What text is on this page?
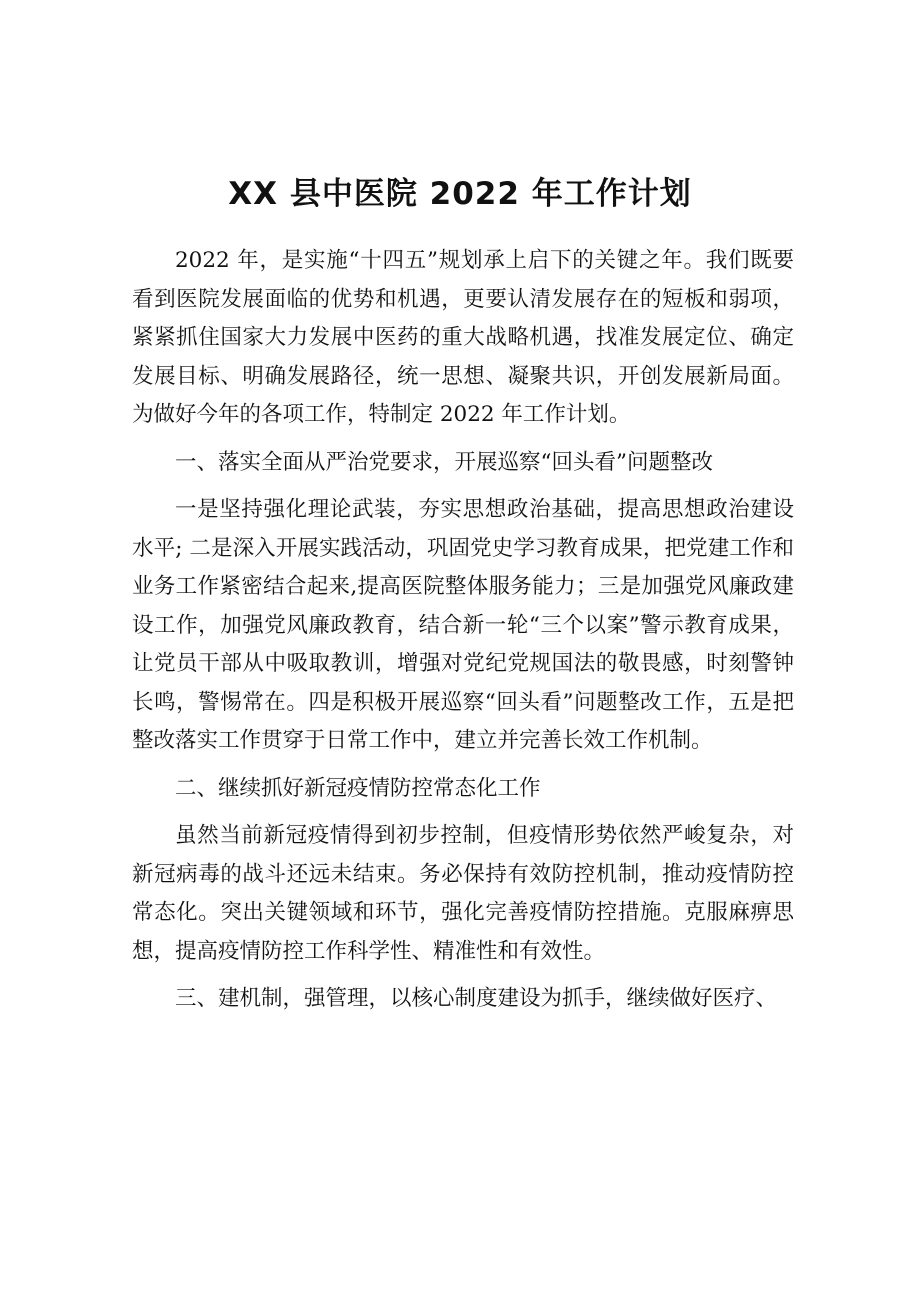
XX 县中医院 2022 年工作计划

2022 年，是实施“十四五”规划承上启下的关键之年。我们既要看到医院发展面临的优势和机遇，更要认清发展存在的短板和弱项，紧紧抓住国家大力发展中医药的重大战略机遇，找准发展定位、确定发展目标、明确发展路径，统一思想、凝聚共识，开创发展新局面。为做好今年的各项工作，特制定 2022 年工作计划。

一、落实全面从严治党要求，开展巡察“回头看”问题整改

一是坚持强化理论武装，夯实思想政治基础，提高思想政治建设水平; 二是深入开展实践活动，巩固党史学习教育成果，把党建工作和业务工作紧密结合起来,提高医院整体服务能力；三是加强党风廉政建设工作，加强党风廉政教育，结合新一轮“三个以案”警示教育成果，让党员干部从中吸取教训，增强对党纪党规国法的敬畏感，时刻警钟长鸣，警惕常在。四是积极开展巡察“回头看”问题整改工作，五是把整改落实工作贯穿于日常工作中，建立并完善长效工作机制。

二、继续抓好新冠疫情防控常态化工作

虽然当前新冠疫情得到初步控制，但疫情形势依然严峻复杂，对新冠病毒的战斗还远未结束。务必保持有效防控机制，推动疫情防控常态化。突出关键领域和环节，强化完善疫情防控措施。克服麻痹思想，提高疫情防控工作科学性、精准性和有效性。

三、建机制，强管理，以核心制度建设为抓手，继续做好医疗、
